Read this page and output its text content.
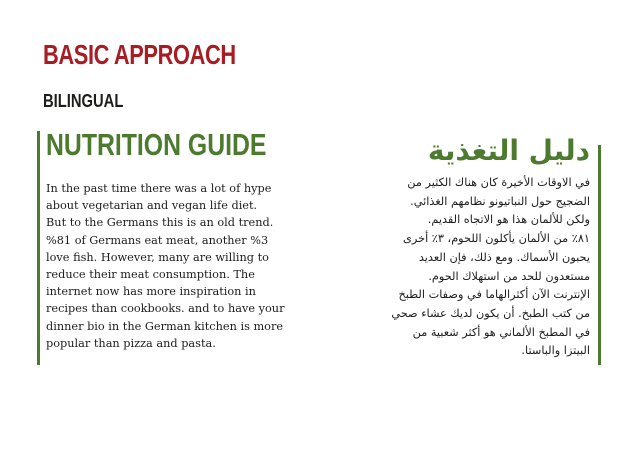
BASIC APPROACH
BILINGUAL
NUTRITION GUIDE	دليل التغذية

In the past time there was a lot of hype
about vegetarian and vegan life diet.
But to the Germans this is an old trend.
%81 of Germans eat meat, another %3
love fish. However, many are willing to
reduce their meat consumption. The
internet now has more inspiration in
recipes than cookbooks. and to have your
dinner bio in the German kitchen is more
popular than pizza and pasta.

في الاوقات الأخيرة كان هناك الكثير من
الضجيج حول النباتيونو نظامهم الغذائي.
ولكن للألمان هذا هو الاتجاه القديم.
٨١٪ من الألمان يأكلون اللحوم، ٣٪ أخرى
يحبون الأسماك. ومع ذلك، فإن العديد
مستعدون للحد من استهلاك الحوم.
الإنترنت الآن أكثرالهاما في وصفات الطبخ
من كتب الطبخ. أن يكون لديك عشاء صحي
في المطبخ الألماني هو أكثر شعبية من
البيتزا والباستا.
